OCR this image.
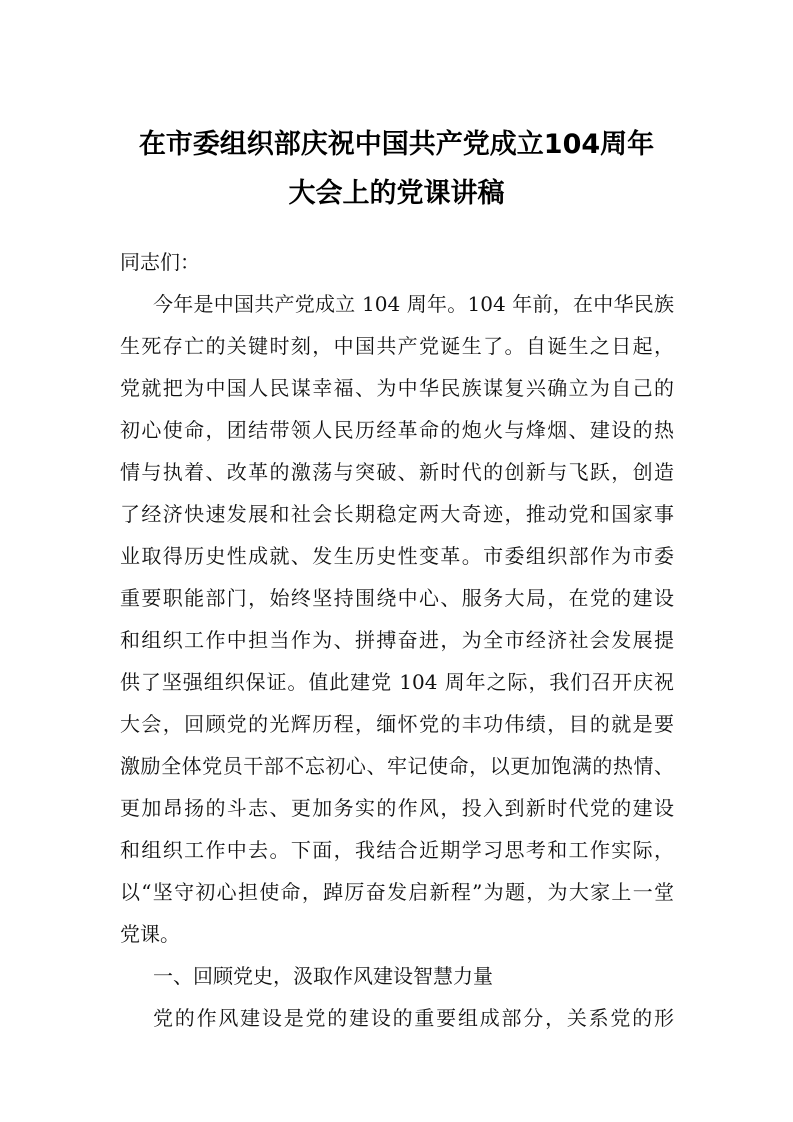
在市委组织部庆祝中国共产党成立104周年
大会上的党课讲稿
同志们：
今年是中国共产党成立 104 周年。104 年前，在中华民族
生死存亡的关键时刻，中国共产党诞生了。自诞生之日起，
党就把为中国人民谋幸福、为中华民族谋复兴确立为自己的
初心使命，团结带领人民历经革命的炮火与烽烟、建设的热
情与执着、改革的激荡与突破、新时代的创新与飞跃，创造
了经济快速发展和社会长期稳定两大奇迹，推动党和国家事
业取得历史性成就、发生历史性变革。市委组织部作为市委
重要职能部门，始终坚持围绕中心、服务大局，在党的建设
和组织工作中担当作为、拼搏奋进，为全市经济社会发展提
供了坚强组织保证。值此建党 104 周年之际，我们召开庆祝
大会，回顾党的光辉历程，缅怀党的丰功伟绩，目的就是要
激励全体党员干部不忘初心、牢记使命，以更加饱满的热情、
更加昂扬的斗志、更加务实的作风，投入到新时代党的建设
和组织工作中去。下面，我结合近期学习思考和工作实际，
以“坚守初心担使命，踔厉奋发启新程”为题，为大家上一堂
党课。
一、回顾党史，汲取作风建设智慧力量
党的作风建设是党的建设的重要组成部分，关系党的形
